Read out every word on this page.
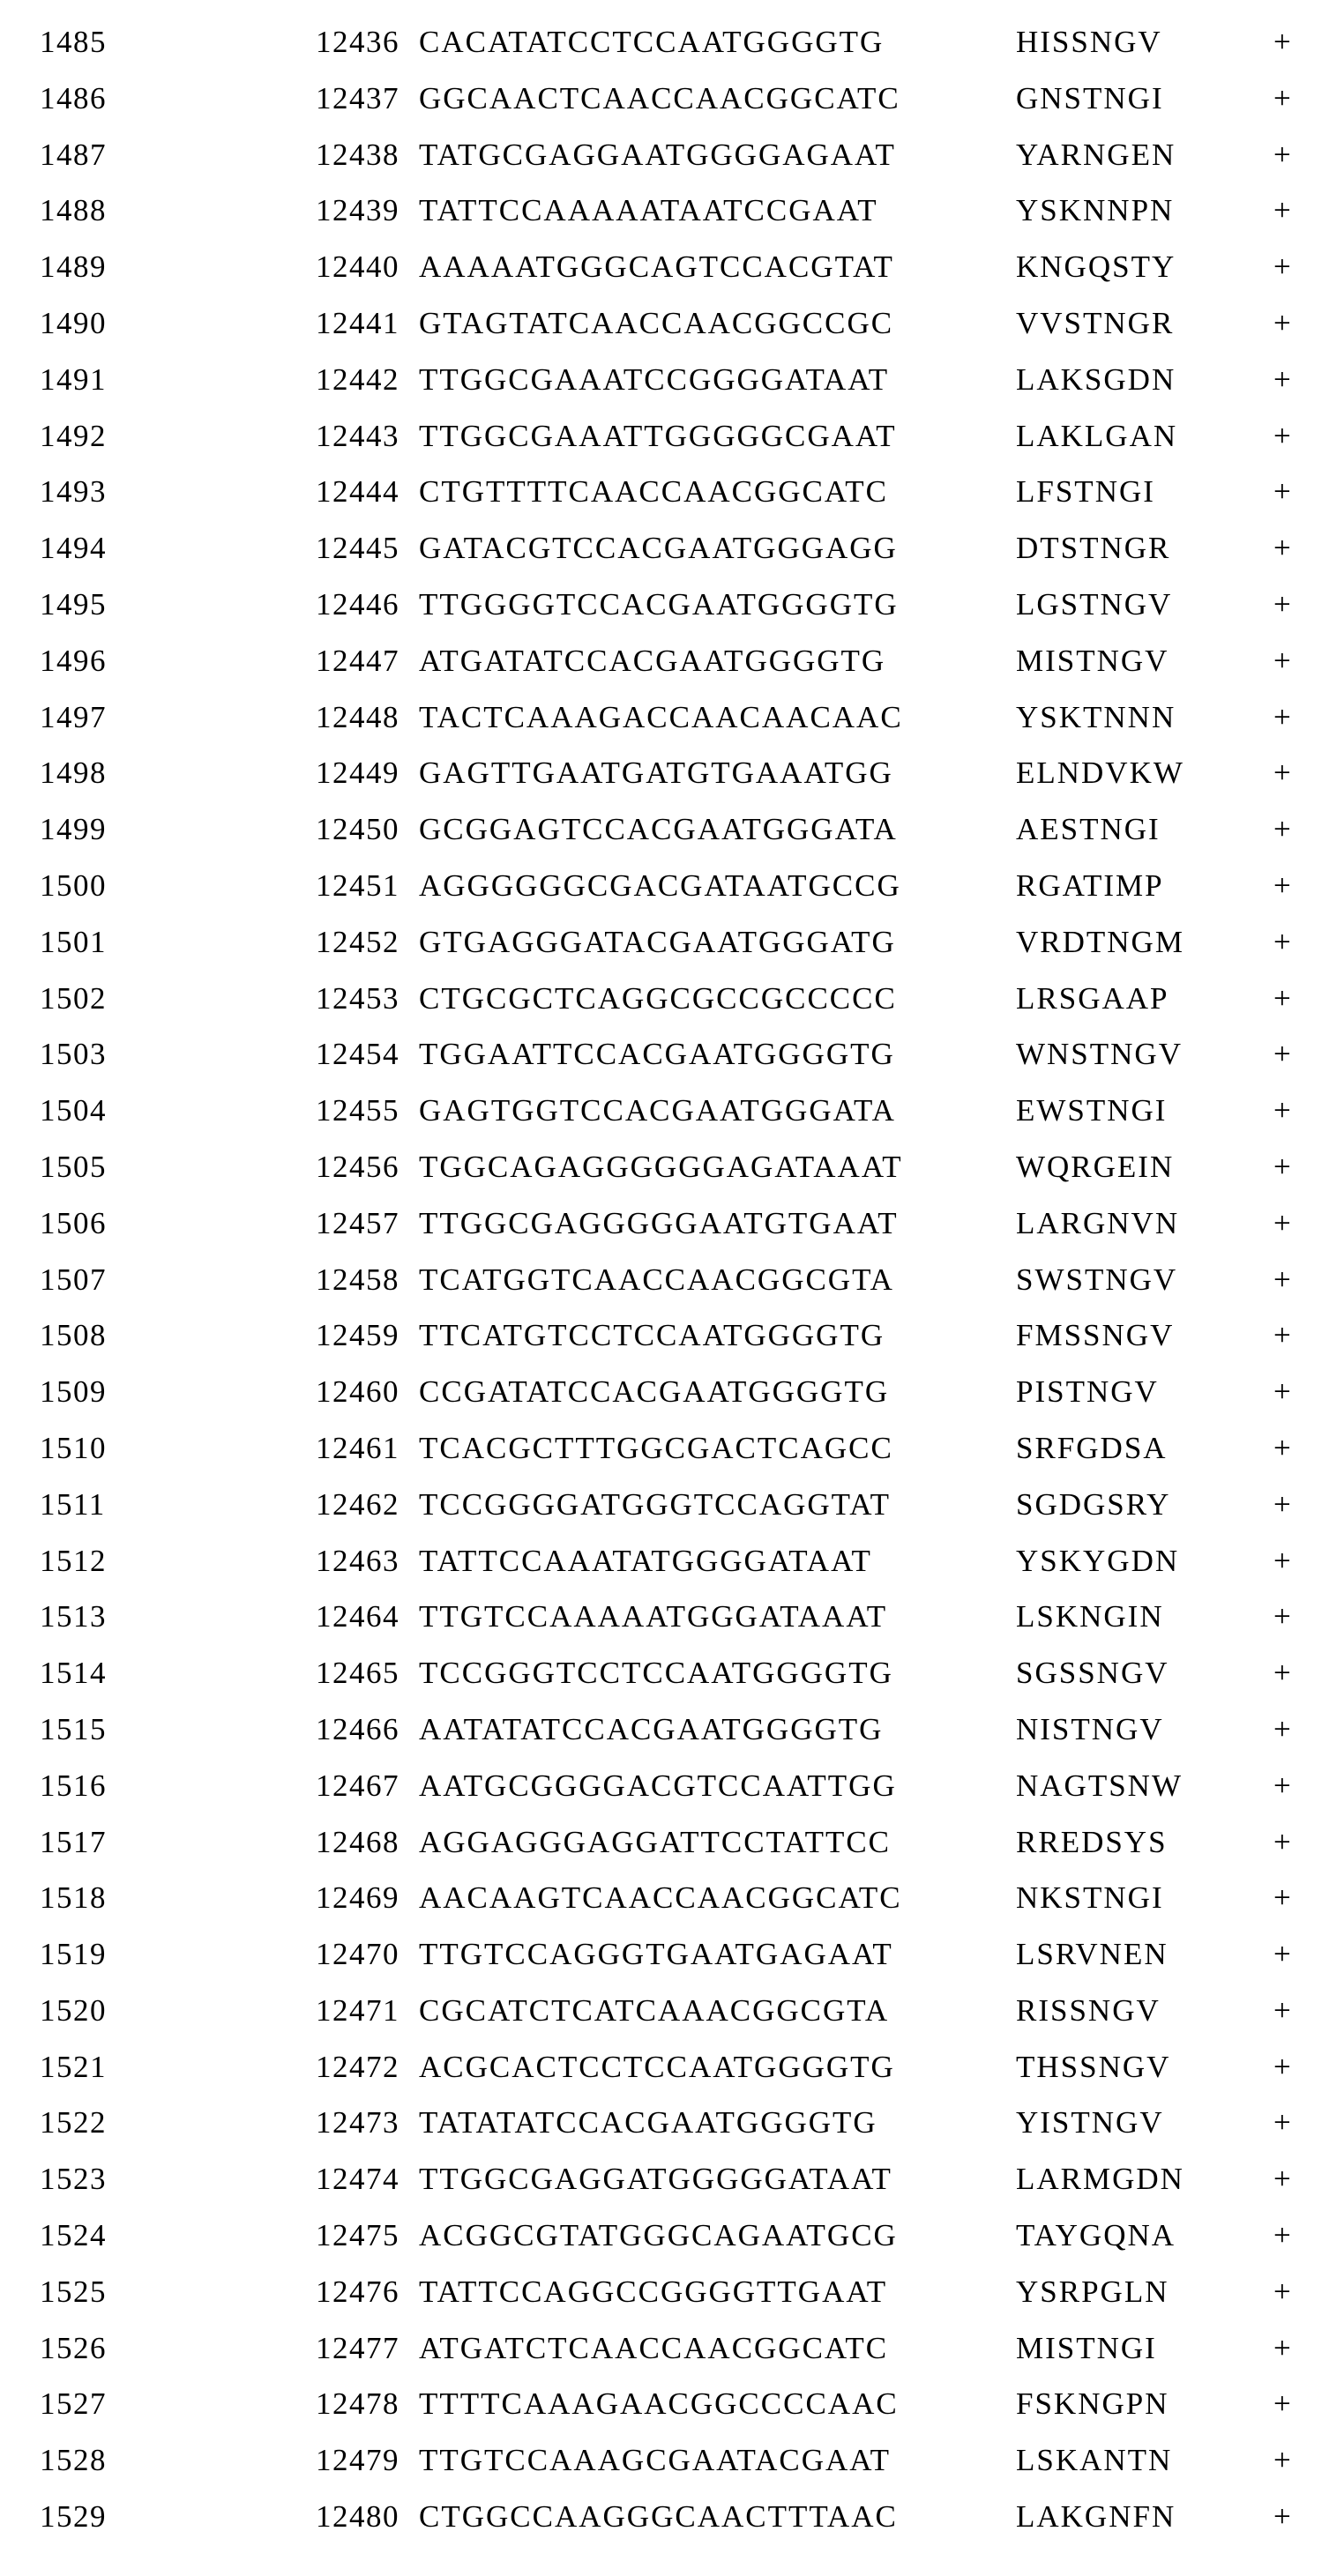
1485	12436 CACATATCCTCCAATGGGGTG	HISSNGV	+
1486	12437 GGCAACTCAACCAACGGCATC	GNSTNGI	+
1487	12438 TATGCGAGGAATGGGGAGAAT	YARNGEN	+
1488	12439 TATTCCAAAAATAATCCGAAT	YSKNNPN	+
1489	12440 AAAAATGGGCAGTCCACGTAT	KNGQSTY	+
1490	12441 GTAGTATCAACCAACGGCCGC	VVSTNGR	+
1491	12442 TTGGCGAAATCCGGGGATAAT	LAKSGDN	+
1492	12443 TTGGCGAAATTGGGGGCGAAT	LAKLGAN	+
1493	12444 CTGTTTTCAACCAACGGCATC	LFSTNGI	+
1494	12445 GATACGTCCACGAATGGGAGG	DTSTNGR	+
1495	12446 TTGGGGTCCACGAATGGGGTG	LGSTNGV	+
1496	12447 ATGATATCCACGAATGGGGTG	MISTNGV	+
1497	12448 TACTCAAAGACCAACAACAAC	YSKTNNN	+
1498	12449 GAGTTGAATGATGTGAAATGG	ELNDVKW	+
1499	12450 GCGGAGTCCACGAATGGGATA	AESTNGI	+
1500	12451 AGGGGGGCGACGATAATGCCG	RGATIMP	+
1501	12452 GTGAGGGATACGAATGGGATG	VRDTNGM	+
1502	12453 CTGCGCTCAGGCGCCGCCCCC	LRSGAAP	+
1503	12454 TGGAATTCCACGAATGGGGTG	WNSTNGV	+
1504	12455 GAGTGGTCCACGAATGGGATA	EWSTNGI	+
1505	12456 TGGCAGAGGGGGGAGATAAAT	WQRGEIN	+
1506	12457 TTGGCGAGGGGGAATGTGAAT	LARGNVN	+
1507	12458 TCATGGTCAACCAACGGCGTA	SWSTNGV	+
1508	12459 TTCATGTCCTCCAATGGGGTG	FMSSNGV	+
1509	12460 CCGATATCCACGAATGGGGTG	PISTNGV	+
1510	12461 TCACGCTTTGGCGACTCAGCC	SRFGDSA	+
1511	12462 TCCGGGGATGGGTCCAGGTAT	SGDGSRY	+
1512	12463 TATTCCAAATATGGGGATAAT	YSKYGDN	+
1513	12464 TTGTCCAAAAATGGGATAAAT	LSKNGIN	+
1514	12465 TCCGGGTCCTCCAATGGGGTG	SGSSNGV	+
1515	12466 AATATATCCACGAATGGGGTG	NISTNGV	+
1516	12467 AATGCGGGGACGTCCAATTGG	NAGTSNW	+
1517	12468 AGGAGGGAGGATTCCTATTCC	RREDSYS	+
1518	12469 AACAAGTCAACCAACGGCATC	NKSTNGI	+
1519	12470 TTGTCCAGGGTGAATGAGAAT	LSRVNEN	+
1520	12471 CGCATCTCATCAAACGGCGTA	RISSNGV	+
1521	12472 ACGCACTCCTCCAATGGGGTG	THSSNGV	+
1522	12473 TATATATCCACGAATGGGGTG	YISTNGV	+
1523	12474 TTGGCGAGGATGGGGGATAAT	LARMGDN	+
1524	12475 ACGGCGTATGGGCAGAATGCG	TAYGQNA	+
1525	12476 TATTCCAGGCCGGGGTTGAAT	YSRPGLN	+
1526	12477 ATGATCTCAACCAACGGCATC	MISTNGI	+
1527	12478 TTTTCAAAGAACGGCCCCAAC	FSKNGPN	+
1528	12479 TTGTCCAAAGCGAATACGAAT	LSKANTN	+
1529	12480 CTGGCCAAGGGCAACTTTAAC	LAKGNFN	+
